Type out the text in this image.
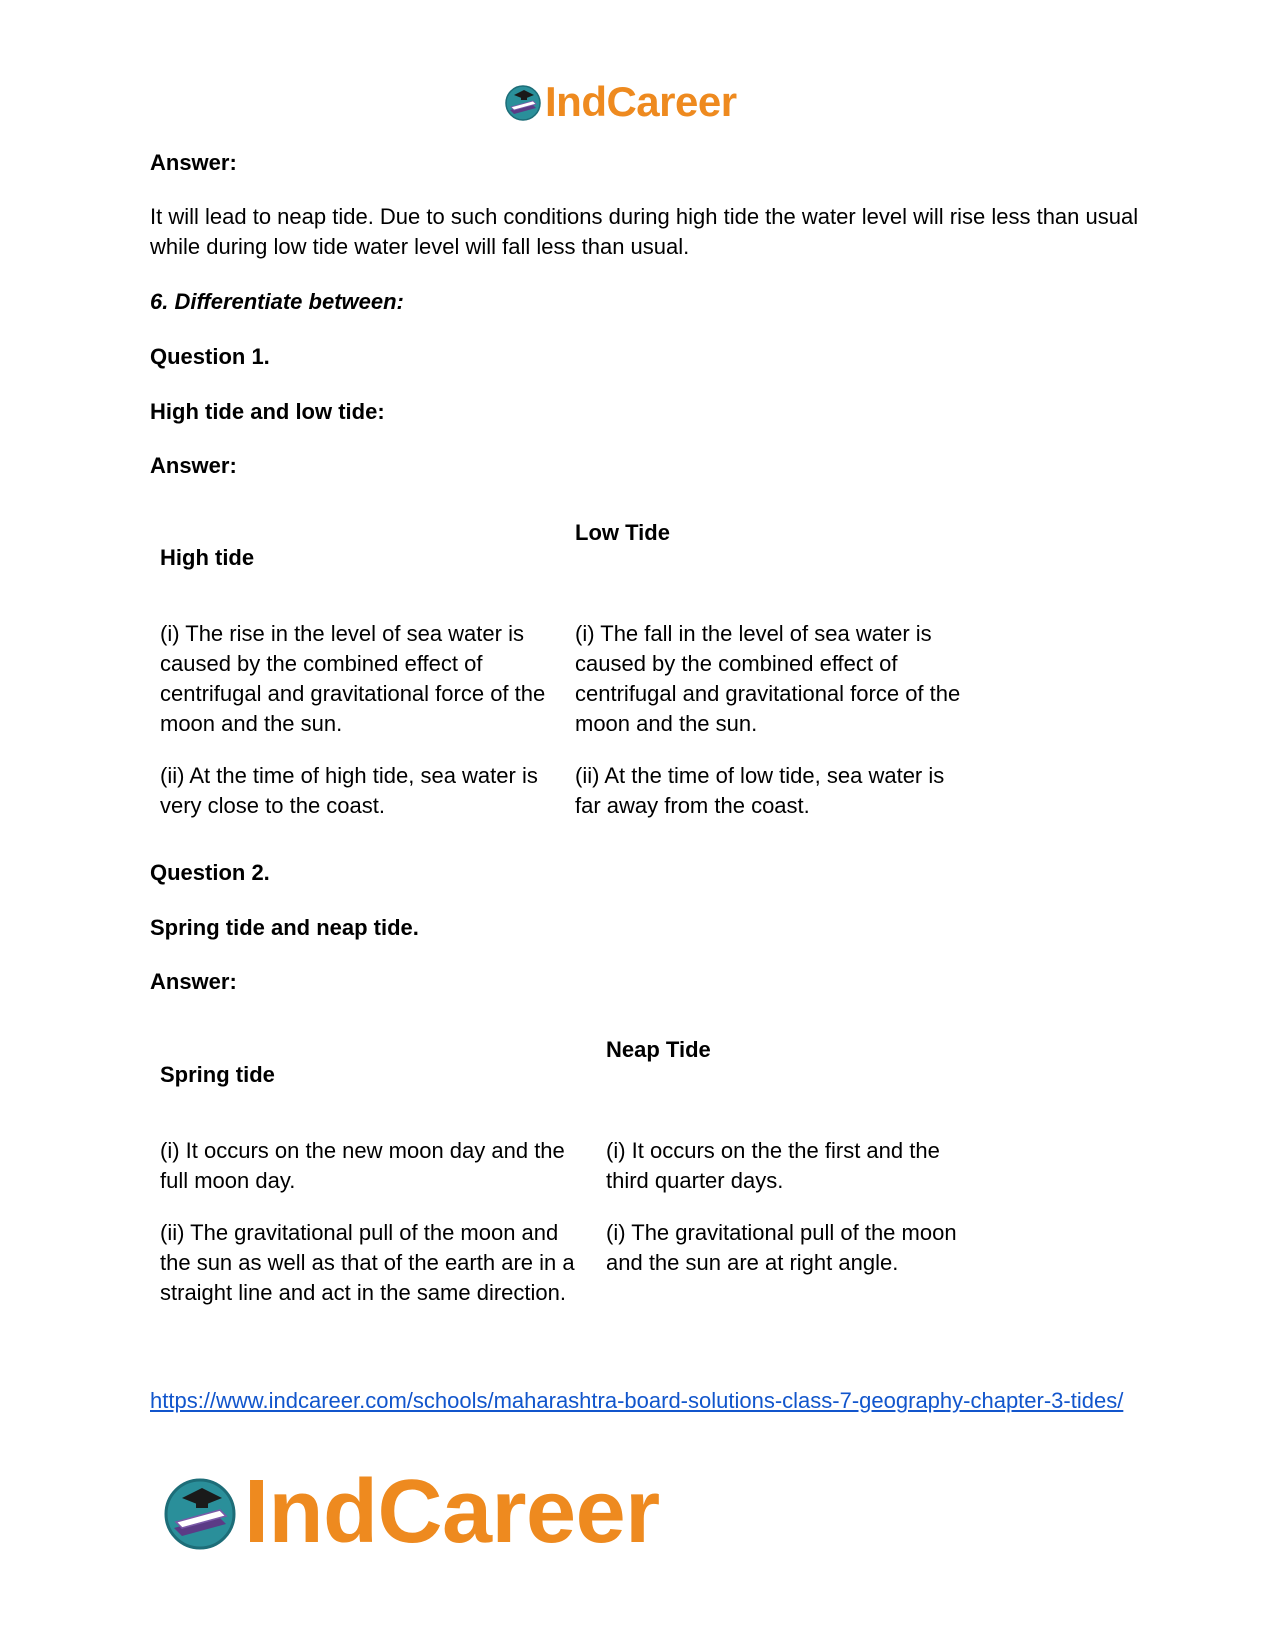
IndCareer
Answer:
It will lead to neap tide. Due to such conditions during high tide the water level will rise less than usual while during low tide water level will fall less than usual.
6. Differentiate between:
Question 1.
High tide and low tide:
Answer:
High tide
Low Tide

(i) The rise in the level of sea water is caused by the combined effect of centrifugal and gravitational force of the moon and the sun.

(i) The fall in the level of sea water is caused by the combined effect of centrifugal and gravitational force of the moon and the sun.

(ii) At the time of high tide, sea water is very close to the coast.

(ii) At the time of low tide, sea water is far away from the coast.

Question 2.
Spring tide and neap tide.
Answer:
Spring tide
Neap Tide

(i) It occurs on the new moon day and the full moon day.

(i) It occurs on the the first and the third quarter days.

(ii) The gravitational pull of the moon and the sun as well as that of the earth are in a straight line and act in the same direction.

(i) The gravitational pull of the moon and the sun are at right angle.

https://www.indcareer.com/schools/maharashtra-board-solutions-class-7-geography-chapter-3-tides/
IndCareer
